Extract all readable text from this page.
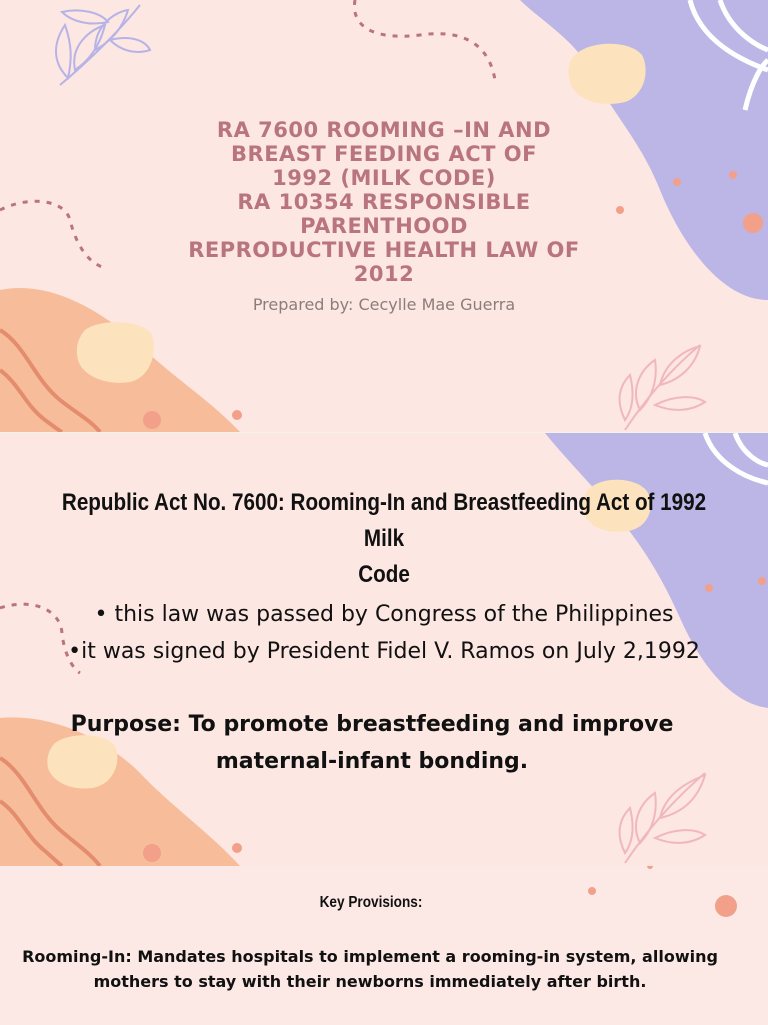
RA 7600 ROOMING –IN AND
BREAST FEEDING ACT OF
1992 (MILK CODE)
RA 10354 RESPONSIBLE
PARENTHOOD
REPRODUCTIVE HEALTH LAW OF
2012
Prepared by: Cecylle Mae Guerra
Republic Act No. 7600: Rooming-In and Breastfeeding Act of 1992 Milk
Code
• this law was passed by Congress of the Philippines
•it was signed by President Fidel V. Ramos on July 2,1992
Purpose: To promote breastfeeding and improve
maternal-infant bonding.
Key Provisions:
Rooming-In: Mandates hospitals to implement a rooming-in system, allowing
mothers to stay with their newborns immediately after birth.
